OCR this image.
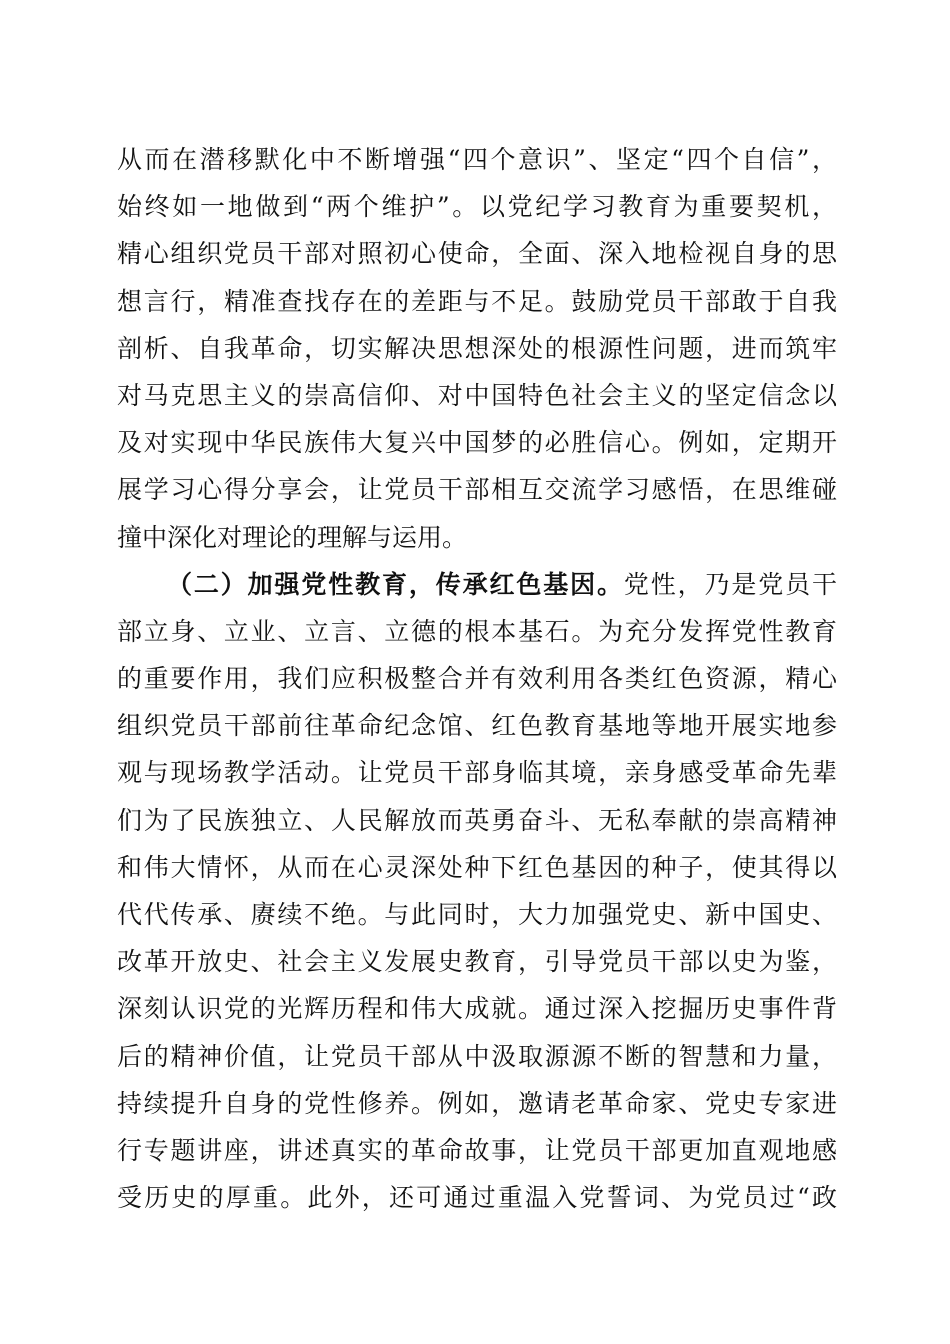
从而在潜移默化中不断增强“四个意识”、坚定“四个自信”，
始终如一地做到“两个维护”。以党纪学习教育为重要契机，
精心组织党员干部对照初心使命，全面、深入地检视自身的思
想言行，精准查找存在的差距与不足。鼓励党员干部敢于自我
剖析、自我革命，切实解决思想深处的根源性问题，进而筑牢
对马克思主义的崇高信仰、对中国特色社会主义的坚定信念以
及对实现中华民族伟大复兴中国梦的必胜信心。例如，定期开
展学习心得分享会，让党员干部相互交流学习感悟，在思维碰
撞中深化对理论的理解与运用。
（二）加强党性教育，传承红色基因。党性，乃是党员干
部立身、立业、立言、立德的根本基石。为充分发挥党性教育
的重要作用，我们应积极整合并有效利用各类红色资源，精心
组织党员干部前往革命纪念馆、红色教育基地等地开展实地参
观与现场教学活动。让党员干部身临其境，亲身感受革命先辈
们为了民族独立、人民解放而英勇奋斗、无私奉献的崇高精神
和伟大情怀，从而在心灵深处种下红色基因的种子，使其得以
代代传承、赓续不绝。与此同时，大力加强党史、新中国史、
改革开放史、社会主义发展史教育，引导党员干部以史为鉴，
深刻认识党的光辉历程和伟大成就。通过深入挖掘历史事件背
后的精神价值，让党员干部从中汲取源源不断的智慧和力量，
持续提升自身的党性修养。例如，邀请老革命家、党史专家进
行专题讲座，讲述真实的革命故事，让党员干部更加直观地感
受历史的厚重。此外，还可通过重温入党誓词、为党员过“政
